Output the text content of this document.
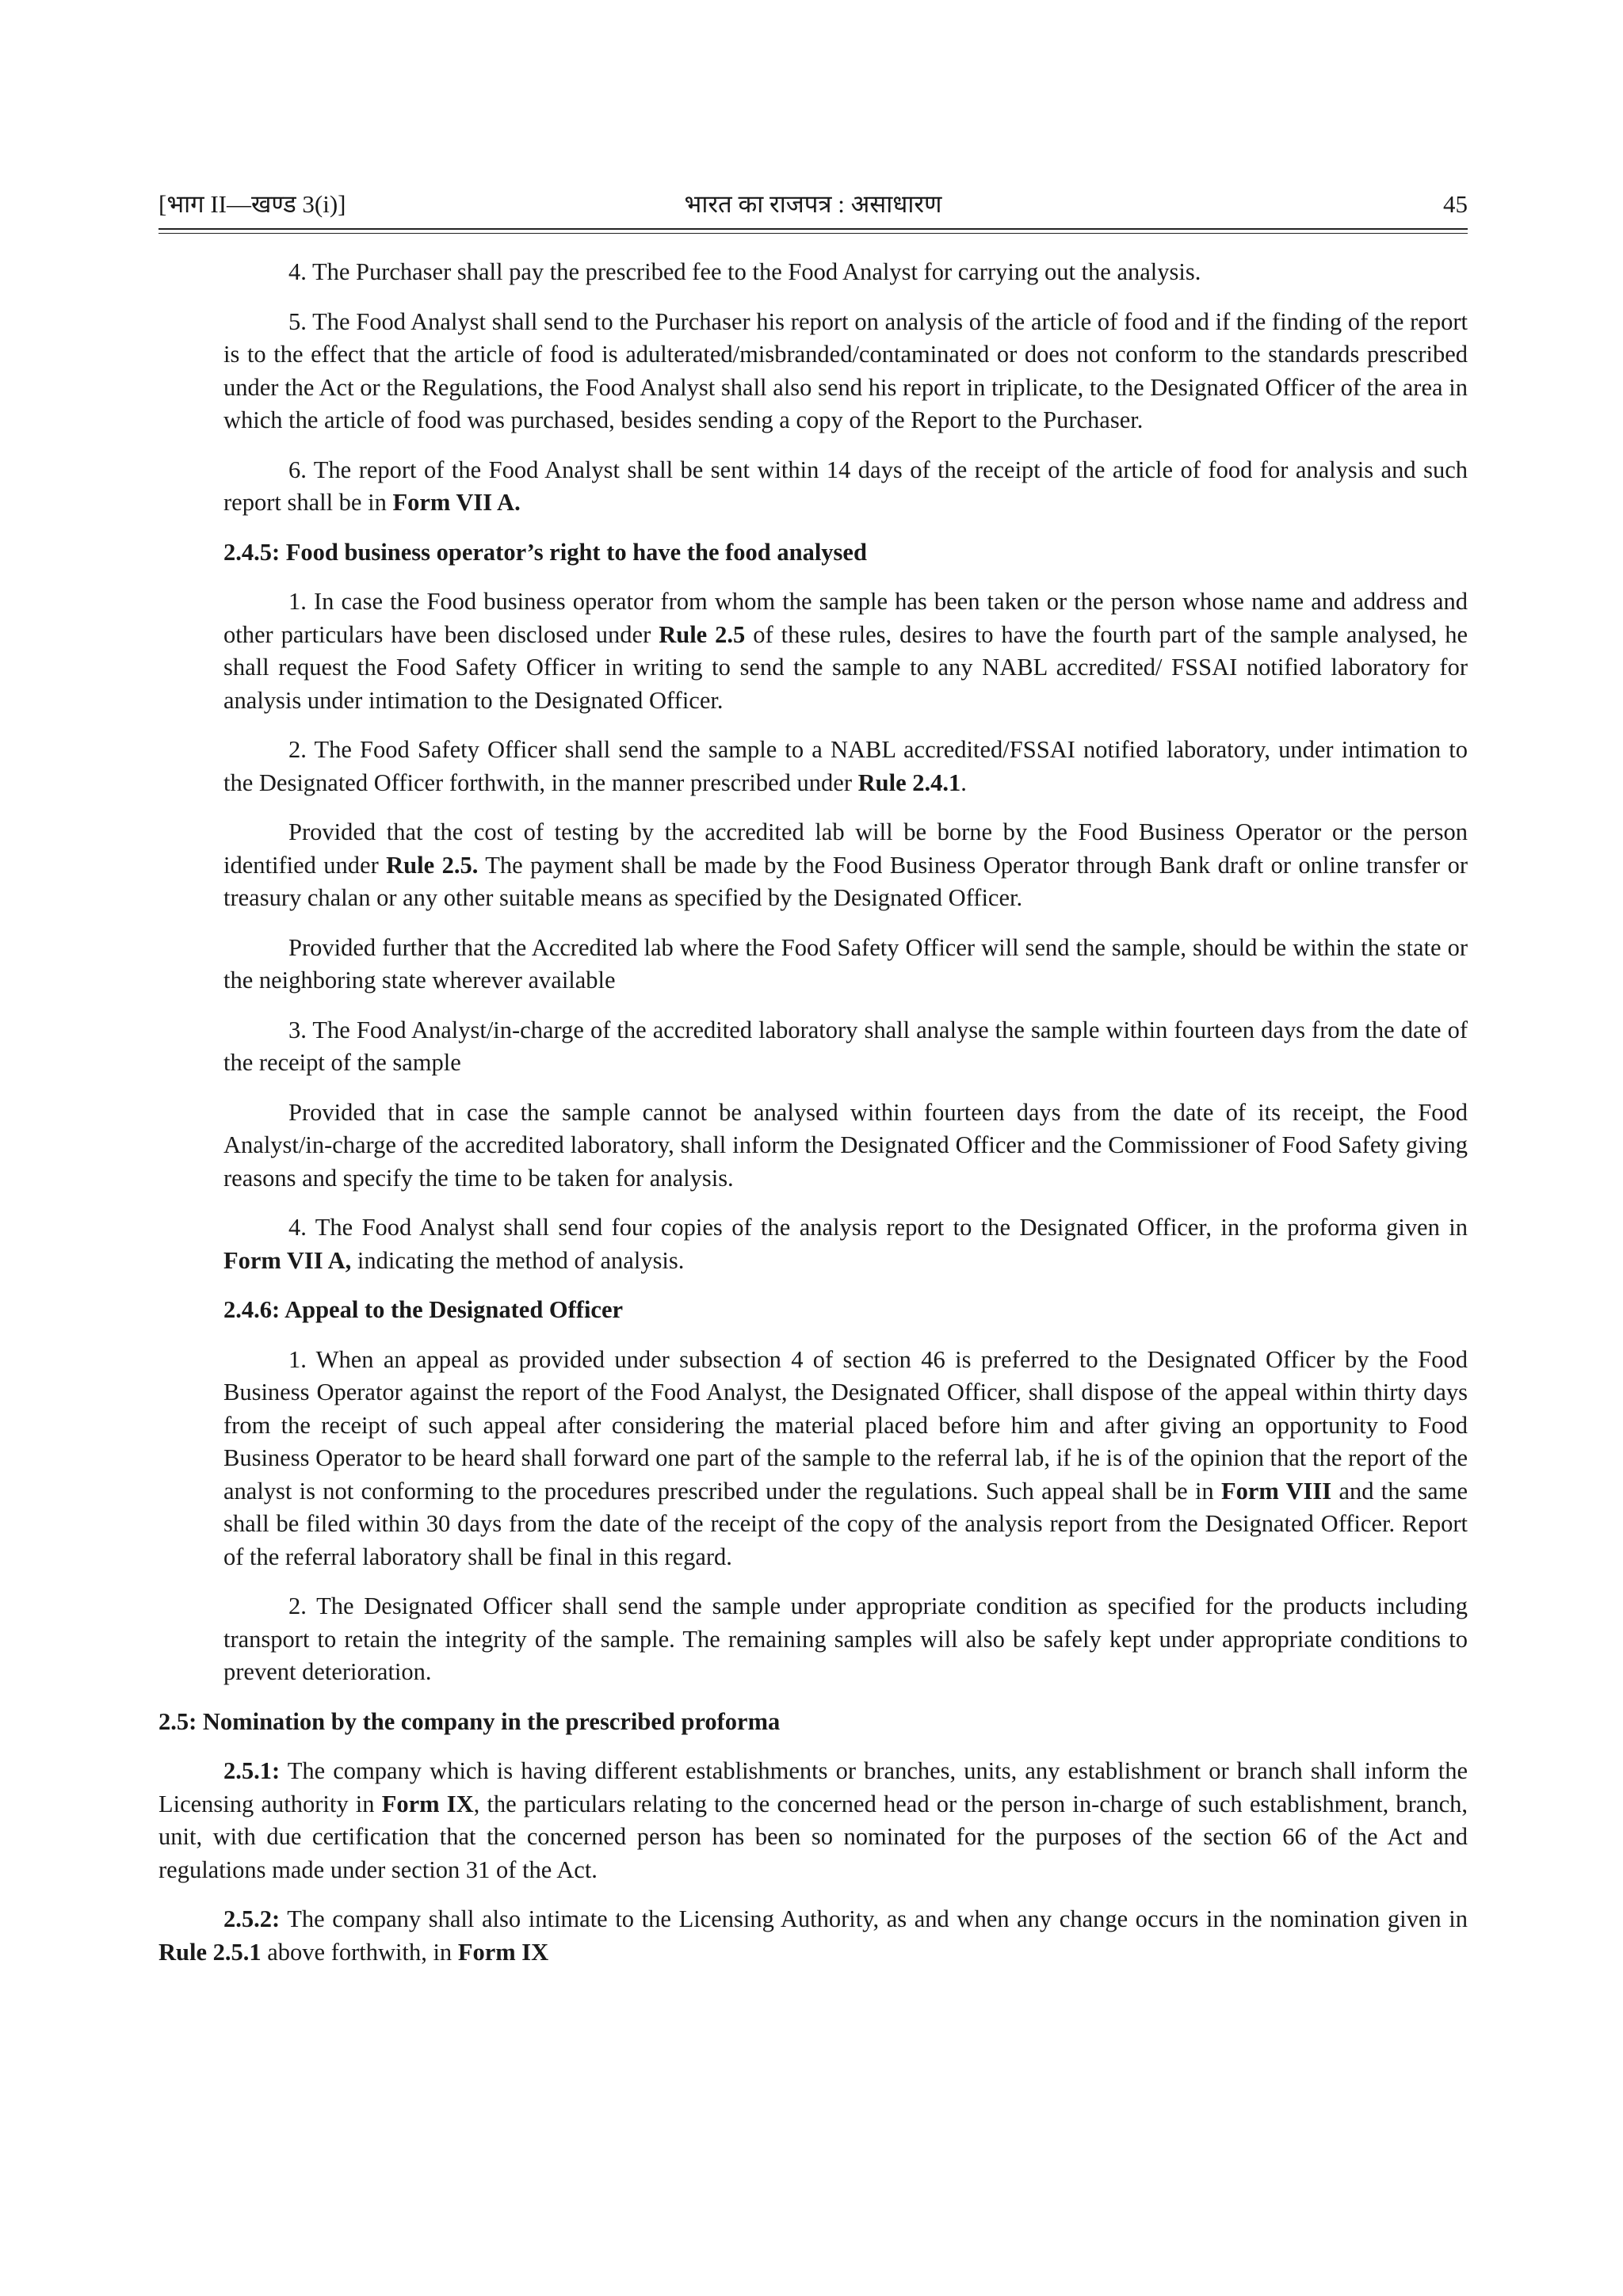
[भाग II—खण्ड 3(i)]	भारत का राजपत्र : असाधारण	45

4. The Purchaser shall pay the prescribed fee to the Food Analyst for carrying out the analysis.

5. The Food Analyst shall send to the Purchaser his report on analysis of the article of food and if the finding of the report is to the effect that the article of food is adulterated/misbranded/contaminated or does not conform to the standards prescribed under the Act or the Regulations, the Food Analyst shall also send his report in triplicate, to the Designated Officer of the area in which the article of food was purchased, besides sending a copy of the Report to the Purchaser.

6. The report of the Food Analyst shall be sent within 14 days of the receipt of the article of food for analysis and such report shall be in Form VII A.

2.4.5: Food business operator’s right to have the food analysed

1. In case the Food business operator from whom the sample has been taken or the person whose name and address and other particulars have been disclosed under Rule 2.5 of these rules, desires to have the fourth part of the sample analysed, he shall request the Food Safety Officer in writing to send the sample to any NABL accredited/ FSSAI notified laboratory for analysis under intimation to the Designated Officer.

2. The Food Safety Officer shall send the sample to a NABL accredited/FSSAI notified laboratory, under intimation to the Designated Officer forthwith, in the manner prescribed under Rule 2.4.1.

Provided that the cost of testing by the accredited lab will be borne by the Food Business Operator or the person identified under Rule 2.5. The payment shall be made by the Food Business Operator through Bank draft or online transfer or treasury chalan or any other suitable means as specified by the Designated Officer.

Provided further that the Accredited lab where the Food Safety Officer will send the sample, should be within the state or the neighboring state wherever available

3. The Food Analyst/in-charge of the accredited laboratory shall analyse the sample within fourteen days from the date of the receipt of the sample

Provided that in case the sample cannot be analysed within fourteen days from the date of its receipt, the Food Analyst/in-charge of the accredited laboratory, shall inform the Designated Officer and the Commissioner of Food Safety giving reasons and specify the time to be taken for analysis.

4. The Food Analyst shall send four copies of the analysis report to the Designated Officer, in the proforma given in Form VII A, indicating the method of analysis.

2.4.6: Appeal to the Designated Officer

1. When an appeal as provided under subsection 4 of section 46 is preferred to the Designated Officer by the Food Business Operator against the report of the Food Analyst, the Designated Officer, shall dispose of the appeal within thirty days from the receipt of such appeal after considering the material placed before him and after giving an opportunity to Food Business Operator to be heard shall forward one part of the sample to the referral lab, if he is of the opinion that the report of the analyst is not conforming to the procedures prescribed under the regulations. Such appeal shall be in Form VIII and the same shall be filed within 30 days from the date of the receipt of the copy of the analysis report from the Designated Officer. Report of the referral laboratory shall be final in this regard.

2. The Designated Officer shall send the sample under appropriate condition as specified for the products including transport to retain the integrity of the sample. The remaining samples will also be safely kept under appropriate conditions to prevent deterioration.

2.5: Nomination by the company in the prescribed proforma

2.5.1: The company which is having different establishments or branches, units, any establishment or branch shall inform the Licensing authority in Form IX, the particulars relating to the concerned head or the person in-charge of such establishment, branch, unit, with due certification that the concerned person has been so nominated for the purposes of the section 66 of the Act and regulations made under section 31 of the Act.

2.5.2: The company shall also intimate to the Licensing Authority, as and when any change occurs in the nomination given in Rule 2.5.1 above forthwith, in Form IX
